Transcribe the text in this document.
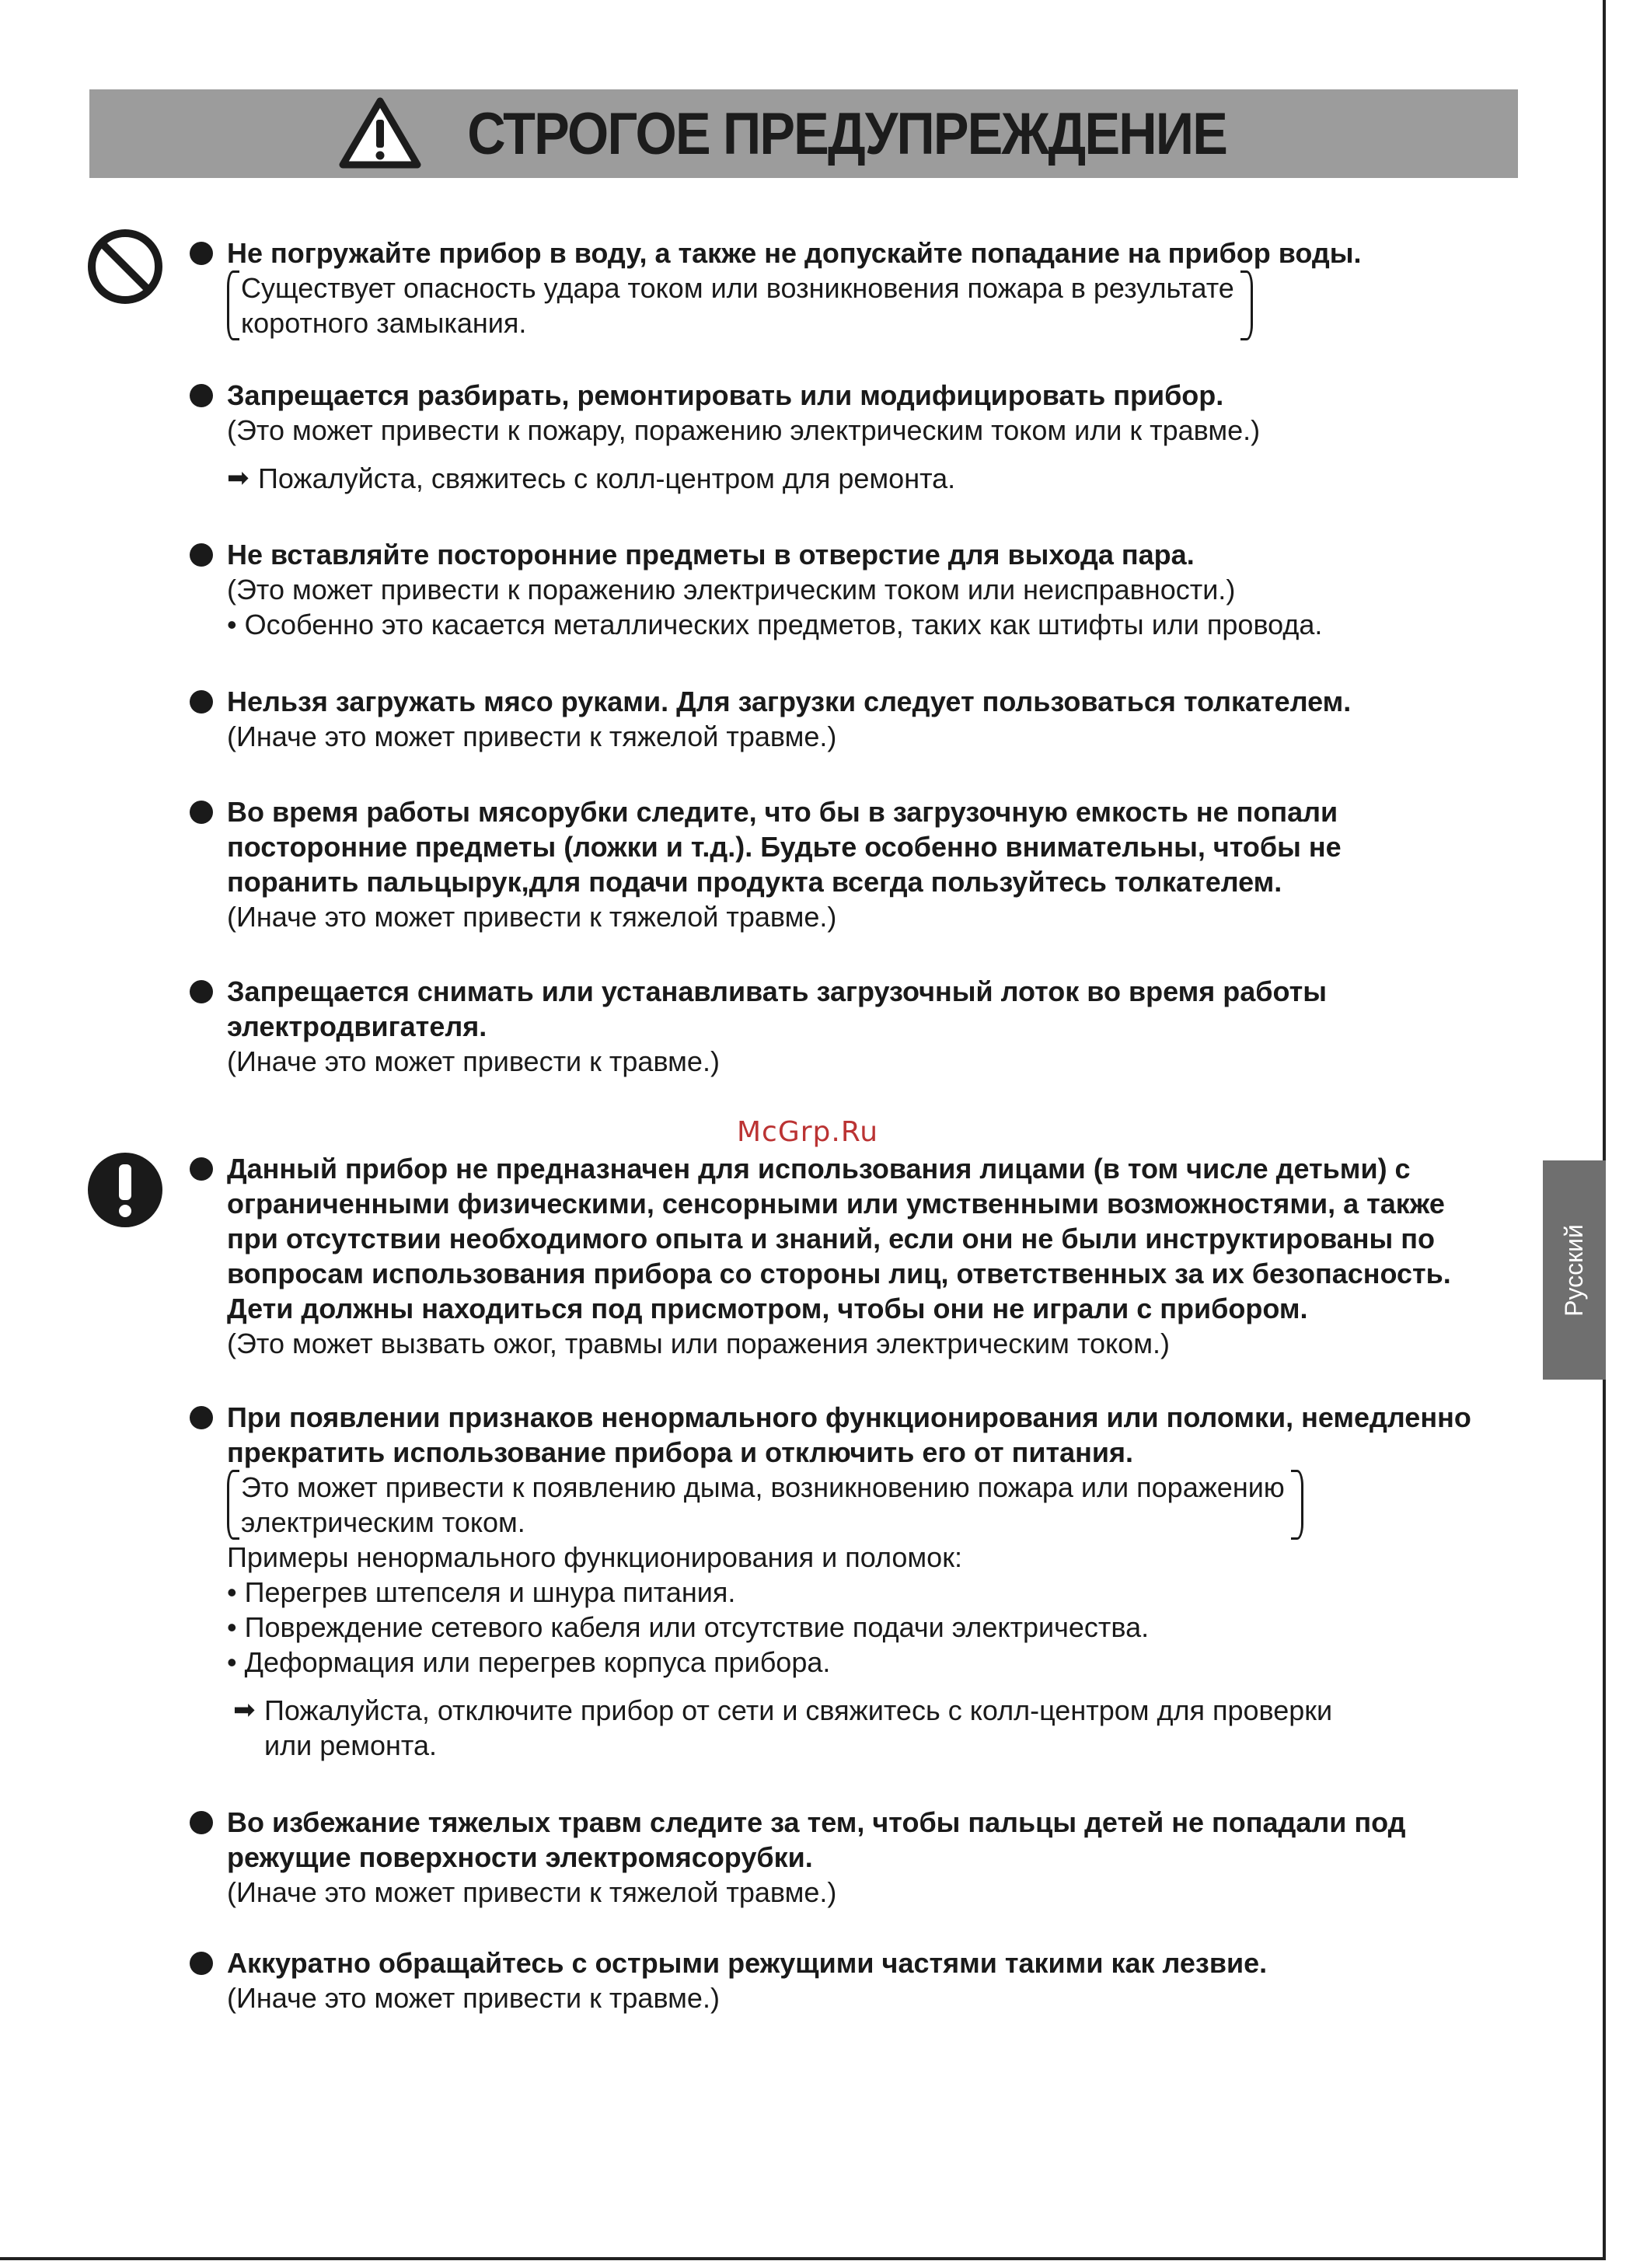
СТРОГОЕ ПРЕДУПРЕЖДЕНИЕ
Не погружайте прибор в воду, а также не допускайте попадание на прибор воды.
Существует опасность удара током или возникновения пожара в результате
коротного замыкания.
Запрещается разбирать, ремонтировать или модифицировать прибор.
(Это может привести к пожару, поражению электрическим током или к травме.)
➡ Пожалуйста, свяжитесь с колл-центром для ремонта.
Не вставляйте посторонние предметы в отверстие для выхода пара.
(Это может привести к поражению электрическим током или неисправности.)
• Особенно это касается металлических предметов, таких как штифты или провода.
Нельзя загружать мясо руками. Для загрузки следует пользоваться толкателем.
(Иначе это может привести к тяжелой травме.)
Во время работы мясорубки следите, что бы в загрузочную емкость не попали
посторонние предметы (ложки и т.д.). Будьте особенно внимательны, чтобы не
поранить пальцырук,для подачи продукта всегда пользуйтесь толкателем.
(Иначе это может привести к тяжелой травме.)
Запрещается снимать или устанавливать загрузочный лоток во время работы
электродвигателя.
(Иначе это может привести к травме.)
McGrp.Ru
Данный прибор не предназначен для использования лицами (в том числе детьми) с
ограниченными физическими, сенсорными или умственными возможностями, а также
при отсутствии необходимого опыта и знаний, если они не были инструктированы по
вопросам использования прибора со стороны лиц, ответственных за их безопасность.
Дети должны находиться под присмотром, чтобы они не играли с прибором.
(Это может вызвать ожог, травмы или поражения электрическим током.)
При появлении признаков ненормального функционирования или поломки, немедленно
прекратить использование прибора и отключить его от питания.
Это может привести к появлению дыма, возникновению пожара или поражению
электрическим током.
Примеры ненормального функционирования и поломок:
• Перегрев штепселя и шнура питания.
• Повреждение сетевого кабеля или отсутствие подачи электричества.
• Деформация или перегрев корпуса прибора.
➡ Пожалуйста, отключите прибор от сети и свяжитесь с колл-центром для проверки
или ремонта.
Во избежание тяжелых травм следите за тем, чтобы пальцы детей не попадали под
режущие поверхности электромясорубки.
(Иначе это может привести к тяжелой травме.)
Аккуратно обращайтесь с острыми режущими частями такими как лезвие.
(Иначе это может привести к травме.)
Русский
